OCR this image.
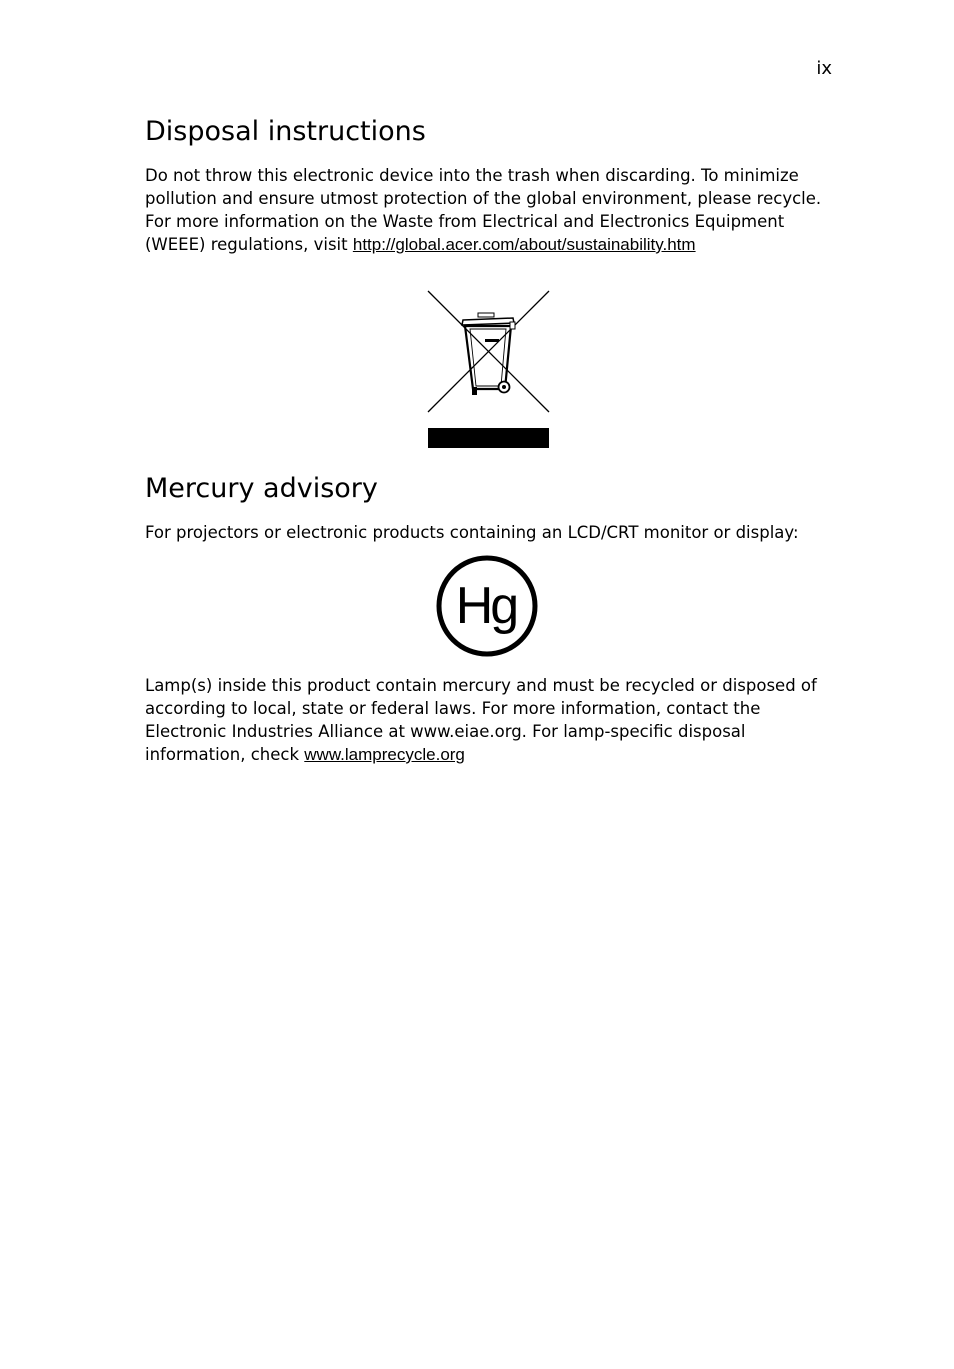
ix
Disposal instructions

Do not throw this electronic device into the trash when discarding. To minimize pollution and ensure utmost protection of the global environment, please recycle. For more information on the Waste from Electrical and Electronics Equipment (WEEE) regulations, visit http://global.acer.com/about/sustainability.htm

Mercury advisory

For projectors or electronic products containing an LCD/CRT monitor or display:

Lamp(s) inside this product contain mercury and must be recycled or disposed of according to local, state or federal laws. For more information, contact the Electronic Industries Alliance at www.eiae.org. For lamp-specific disposal information, check www.lamprecycle.org

Hg
